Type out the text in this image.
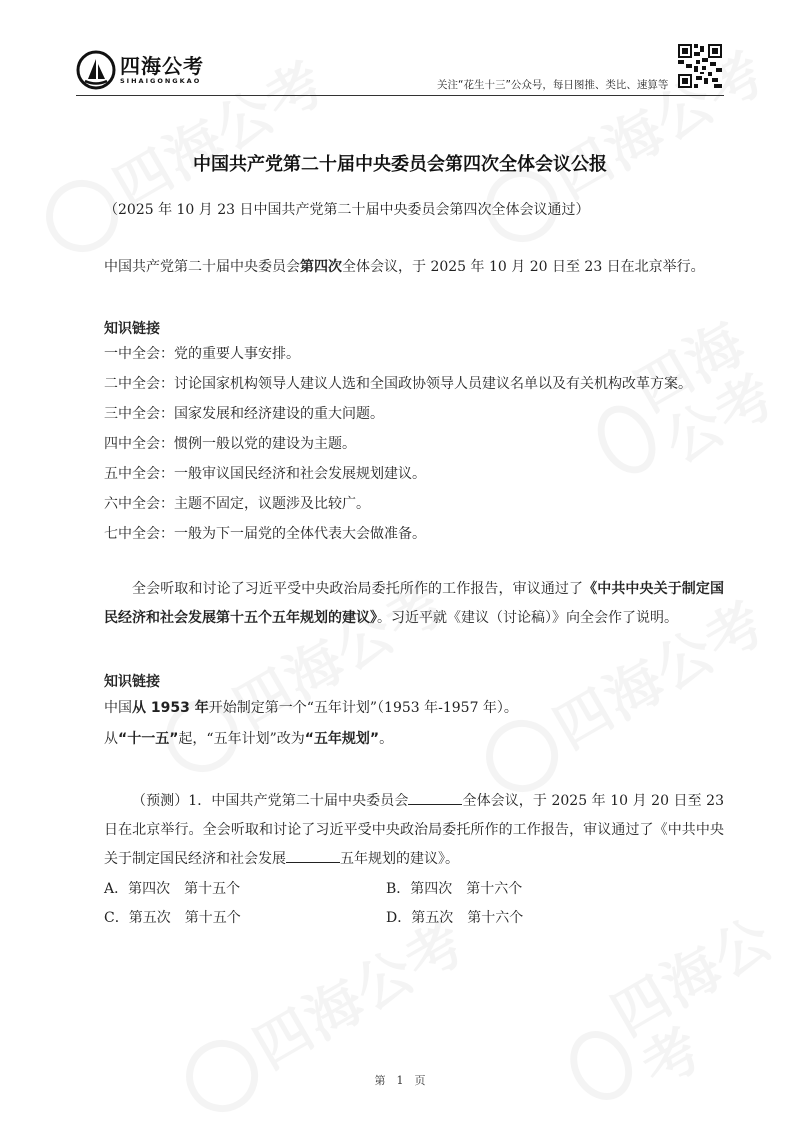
四海公考
SIHAIGONGKAO	关注“花生十三”公众号，每日图推、类比、速算等
中国共产党第二十届中央委员会第四次全体会议公报
（2025 年 10 月 23 日中国共产党第二十届中央委员会第四次全体会议通过）
中国共产党第二十届中央委员会第四次全体会议，于 2025 年 10 月 20 日至 23 日在北京举行。
知识链接
一中全会：党的重要人事安排。
二中全会：讨论国家机构领导人建议人选和全国政协领导人员建议名单以及有关机构改革方案。
三中全会：国家发展和经济建设的重大问题。
四中全会：惯例一般以党的建设为主题。
五中全会：一般审议国民经济和社会发展规划建议。
六中全会：主题不固定，议题涉及比较广。
七中全会：一般为下一届党的全体代表大会做准备。
全会听取和讨论了习近平受中央政治局委托所作的工作报告，审议通过了《中共中央关于制定国民经济和社会发展第十五个五年规划的建议》。习近平就《建议（讨论稿）》向全会作了说明。
知识链接
中国从 1953 年开始制定第一个“五年计划”（1953 年-1957 年）。
从“十一五”起，“五年计划”改为“五年规划”。
（预测）1．中国共产党第二十届中央委员会	全体会议，于 2025 年 10 月 20 日至 23 日在北京举行。全会听取和讨论了习近平受中央政治局委托所作的工作报告，审议通过了《中共中央关于制定国民经济和社会发展	五年规划的建议》。
A．第四次　第十五个	B．第四次　第十六个
C．第五次　第十五个	D．第五次　第十六个
第　1　页
